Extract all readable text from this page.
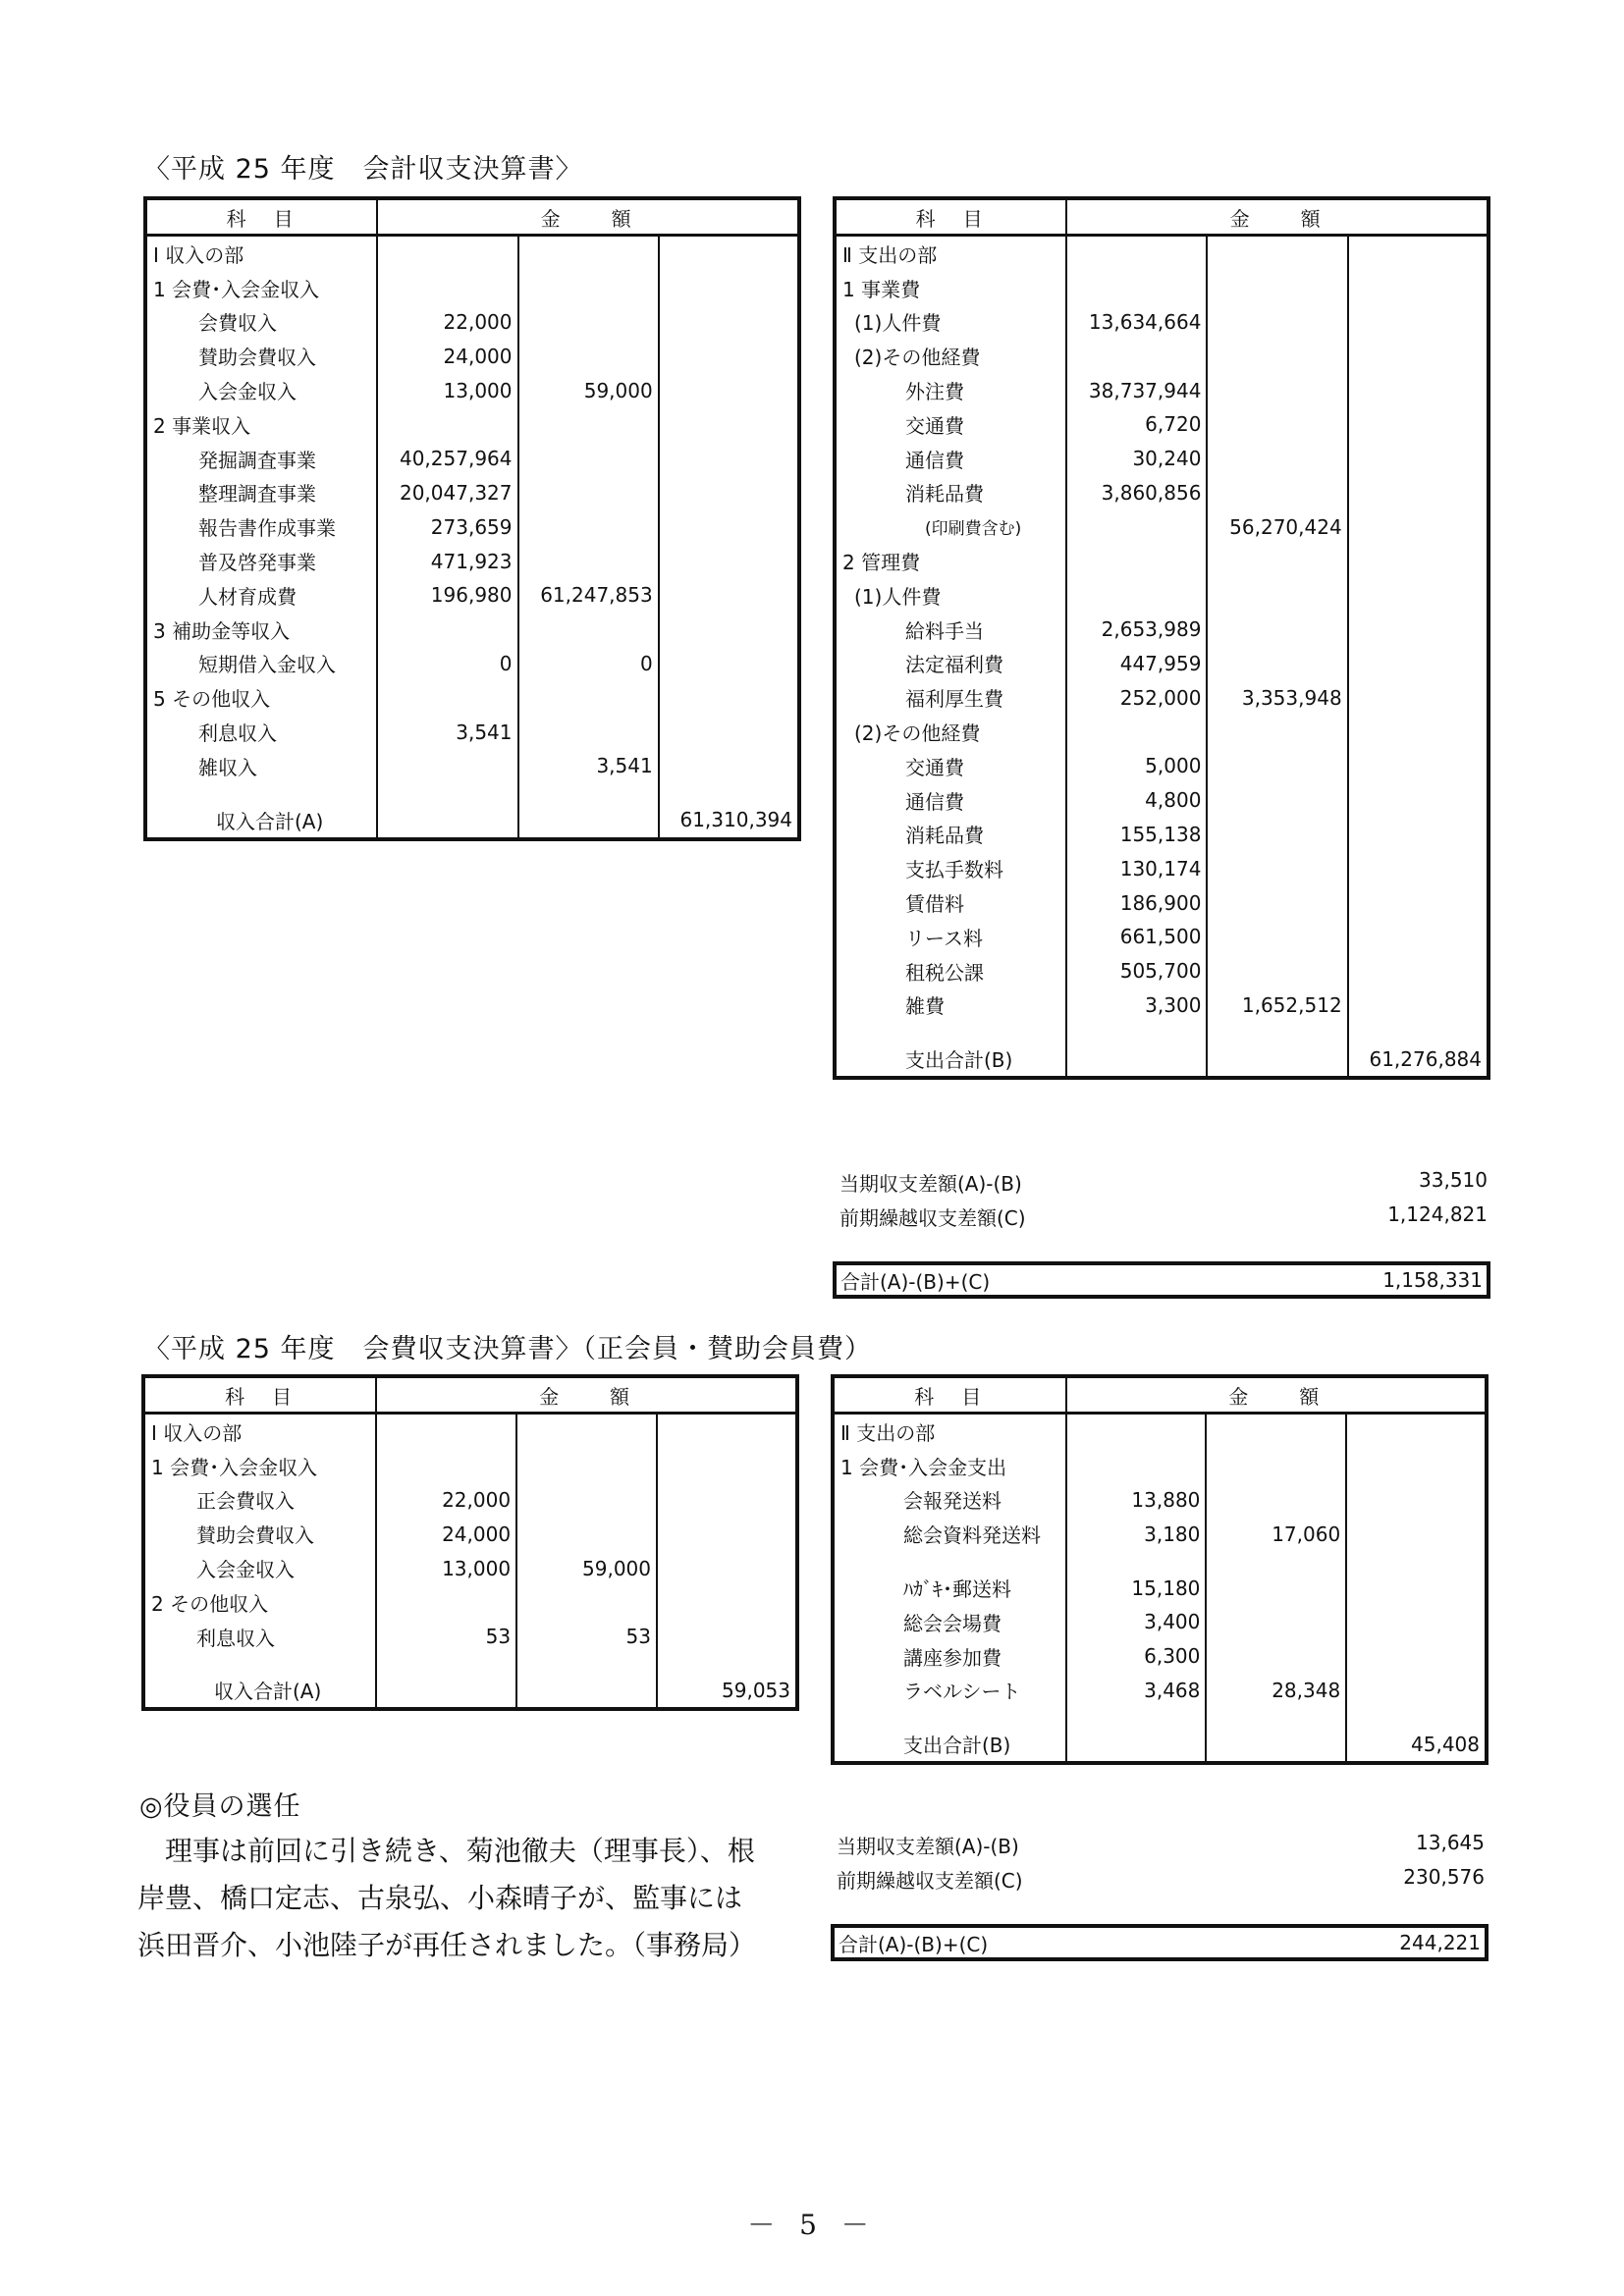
〈平成 25 年度　会計収支決算書〉
科　目	金　　額		
Ⅰ 収入の部			
1 会費･入会金収入			
会費収入	22,000		
賛助会費収入	24,000		
入会金収入	13,000	59,000	
2 事業収入			
発掘調査事業	40,257,964		
整理調査事業	20,047,327		
報告書作成事業	273,659		
普及啓発事業	471,923		
人材育成費	196,980	61,247,853	
3 補助金等収入			
短期借入金収入	0	0	
5 その他収入			
利息収入	3,541		
雑収入		3,541	

収入合計(A)			61,310,394
科　目	金　　額		
Ⅱ 支出の部			
1 事業費			
(1)人件費	13,634,664		
(2)その他経費			
外注費	38,737,944		
交通費	6,720		
通信費	30,240		
消耗品費	3,860,856		
(印刷費含む)		56,270,424	
2 管理費			
(1)人件費			
給料手当	2,653,989		
法定福利費	447,959		
福利厚生費	252,000	3,353,948	
(2)その他経費			
交通費	5,000		
通信費	4,800		
消耗品費	155,138		
支払手数料	130,174		
賃借料	186,900		
リース料	661,500		
租税公課	505,700		
雑費	3,300	1,652,512	

支出合計(B)			61,276,884
当期収支差額(A)-(B)	33,510
前期繰越収支差額(C)	1,124,821
合計(A)-(B)+(C)	1,158,331
〈平成 25 年度　会費収支決算書〉（正会員・賛助会員費）
科　目	金　　額		
Ⅰ 収入の部			
1 会費･入会金収入			
正会費収入	22,000		
賛助会費収入	24,000		
入会金収入	13,000	59,000	
2 その他収入			
利息収入	53	53	

収入合計(A)			59,053
科　目	金　　額		
Ⅱ 支出の部			
1 会費･入会金支出			
会報発送料	13,880		
総会資料発送料	3,180	17,060	

ﾊｶﾞｷ･郵送料	15,180		
総会会場費	3,400		
講座参加費	6,300		
ラベルシート	3,468	28,348	

支出合計(B)			45,408
当期収支差額(A)-(B)	13,645
前期繰越収支差額(C)	230,576
合計(A)-(B)+(C)	244,221
◎役員の選任
　理事は前回に引き続き、菊池徹夫（理事長）、根
岸豊、橋口定志、古泉弘、小森晴子が、監事には
浜田晋介、小池陸子が再任されました。（事務局）
－ 5 －
